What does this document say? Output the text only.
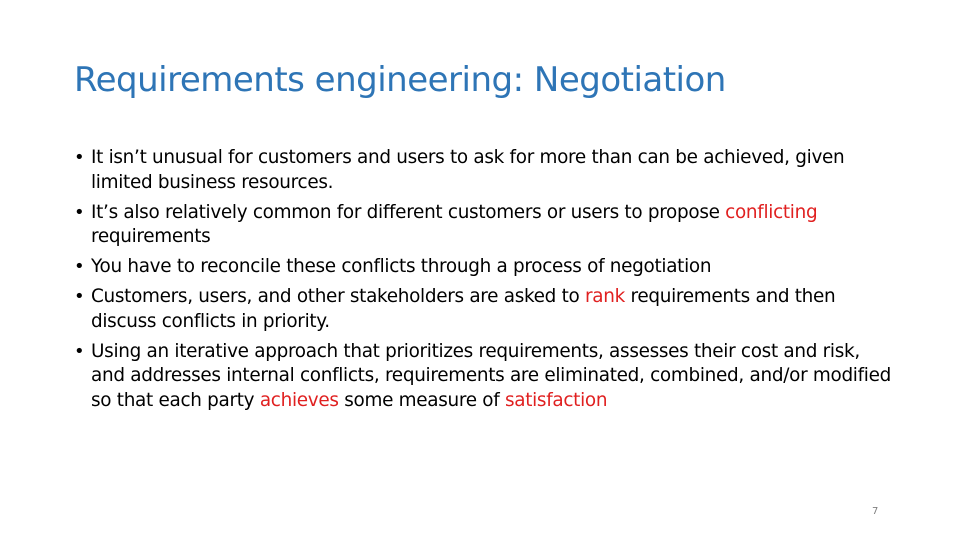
Requirements engineering: Negotiation
• It isn’t unusual for customers and users to ask for more than can be achieved, given limited business resources.
• It’s also relatively common for different customers or users to propose conflicting requirements
• You have to reconcile these conflicts through a process of negotiation
• Customers, users, and other stakeholders are asked to rank requirements and then discuss conflicts in priority.
• Using an iterative approach that prioritizes requirements, assesses their cost and risk, and addresses internal conflicts, requirements are eliminated, combined, and/or modified so that each party achieves some measure of satisfaction
7
